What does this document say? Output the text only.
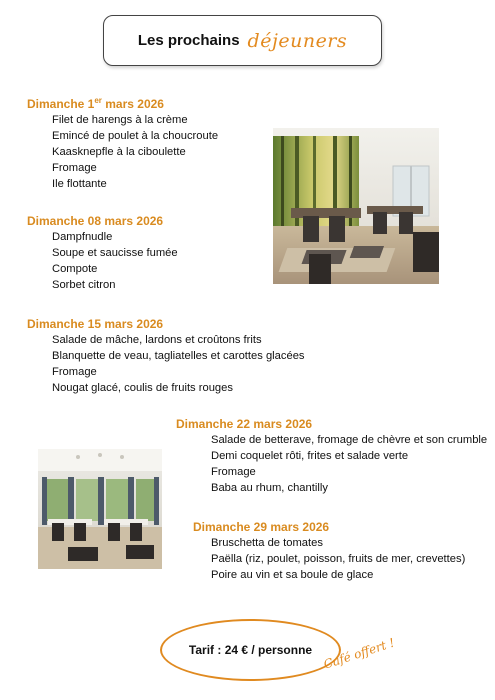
Les prochains déjeuners
Dimanche 1er mars 2026
Filet de harengs à la crème
Emincé de poulet à la choucroute
Kaasknepfle à la ciboulette
Fromage
Ile flottante
Dimanche 08 mars 2026
Dampfnudle
Soupe et saucisse fumée
Compote
Sorbet citron
Dimanche 15 mars 2026
Salade de mâche, lardons et croûtons frits
Blanquette de veau, tagliatelles et carottes glacées
Fromage
Nougat glacé, coulis de fruits rouges
Dimanche 22 mars 2026
Salade de betterave, fromage de chèvre et son crumble
Demi coquelet rôti, frites et salade verte
Fromage
Baba au rhum, chantilly
Dimanche 29 mars 2026
Bruschetta de tomates
Paëlla (riz, poulet, poisson, fruits de mer, crevettes)
Poire au vin et sa boule de glace
Tarif : 24 € / personne Café offert !
